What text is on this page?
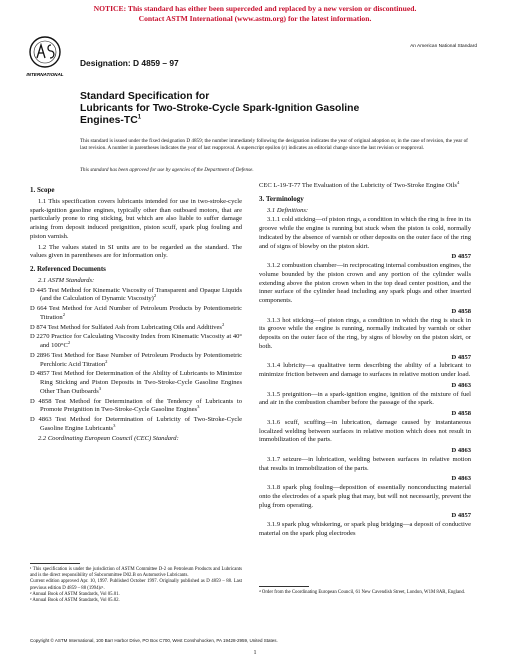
NOTICE: This standard has either been superceded and replaced by a new version or discontinued.
Contact ASTM International (www.astm.org) for the latest information.
INTERNATIONAL
Designation: D 4859 – 97
An American National Standard
Standard Specification for
Lubricants for Two-Stroke-Cycle Spark-Ignition Gasoline
Engines-$TC^1$
This standard is issued under the fixed designation D 4859; the number immediately following the designation indicates the year of original adoption or, in the case of revision, the year of last revision. A number in parentheses indicates the year of last reapproval. A superscript epsilon (ε) indicates an editorial change since the last revision or reapproval.
This standard has been approved for use by agencies of the Department of Defense.
1. Scope
1.1 This specification covers lubricants intended for use in two-stroke-cycle spark-ignition gasoline engines, typically other than outboard motors, that are particularly prone to ring sticking, but which are also liable to suffer damage arising from deposit induced preignition, piston scuff, spark plug fouling and piston varnish.
1.2 The values stated in SI units are to be regarded as the standard. The values given in parentheses are for information only.
2. Referenced Documents
2.1 ASTM Standards:
D 445 Test Method for Kinematic Viscosity of Transparent and Opaque Liquids (and the Calculation of Dynamic Viscosity)$^2$
D 664 Test Method for Acid Number of Petroleum Products by Potentiometric Titration$^2$
D 874 Test Method for Sulfated Ash from Lubricating Oils and Additives$^2$
D 2270 Practice for Calculating Viscosity Index from Kinematic Viscosity at 40° and $100^\circ C^2$
D 2896 Test Method for Base Number of Petroleum Products by Potentiometric Perchloric Acid Titration$^2$
D 4857 Test Method for Determination of the Ability of Lubricants to Minimize Ring Sticking and Piston Deposits in Two-Stroke-Cycle Gasoline Engines Other Than Outboards$^3$
D 4858 Test Method for Determination of the Tendency of Lubricants to Promote Preignition in Two-Stroke-Cycle Gasoline Engines$^3$
D 4863 Test Method for Determination of Lubricity of Two-Stroke-Cycle Gasoline Engine Lubricants$^3$
2.2 Coordinating European Council (CEC) Standard:
¹ This specification is under the jurisdiction of ASTM Committee D-2 on Petroleum Products and Lubricants and is the direct responsibility of Subcommittee D02.B on Automotive Lubricants.
Current edition approved Apr. 10, 1997. Published October 1997. Originally published as D 4859 – 88. Last previous edition D 4859 – 88 (1994)ε¹.
² Annual Book of ASTM Standards, Vol 05.01.
³ Annual Book of ASTM Standards, Vol 05.02.
CEC L-19-T-77 The Evaluation of the Lubricity of Two-Stroke Engine Oils$^4$
3. Terminology
3.1 Definitions:
3.1.1 cold sticking—of piston rings, a condition in which the ring is free in its groove while the engine is running but stuck when the piston is cold, normally indicated by the absence of varnish or other deposits on the outer face of the ring and of signs of blowby on the piston skirt.
D 4857
3.1.2 combustion chamber—in reciprocating internal combustion engines, the volume bounded by the piston crown and any portion of the cylinder walls extending above the piston crown when in the top dead center position, and the inner surface of the cylinder head including any spark plugs and other inserted components.
D 4858
3.1.3 hot sticking—of piston rings, a condition in which the ring is stuck in its groove while the engine is running, normally indicated by varnish or other deposits on the outer face of the ring, by signs of blowby on the piston skirt, or both.
D 4857
3.1.4 lubricity—a qualitative term describing the ability of a lubricant to minimize friction between and damage to surfaces in relative motion under load.
D 4863
3.1.5 preignition—in a spark-ignition engine, ignition of the mixture of fuel and air in the combustion chamber before the passage of the spark.
D 4858
3.1.6 scuff, scuffing—in lubrication, damage caused by instantaneous localized welding between surfaces in relative motion which does not result in immobilization of the parts.
D 4863
3.1.7 seizure—in lubrication, welding between surfaces in relative motion that results in immobilization of the parts.
D 4863
3.1.8 spark plug fouling—deposition of essentially nonconducting material onto the electrodes of a spark plug that may, but will not necessarily, prevent the plug from operating.
D 4857
3.1.9 spark plug whiskering, or spark plug bridging—a deposit of conductive material on the spark plug electrodes
⁴ Order from the Coordinating European Council, 61 New Cavendish Street, London, W1M 8AR, England.
Copyright © ASTM International, 100 Barr Harbor Drive, PO Box C700, West Conshohocken, PA 19428-2959, United States.
1
